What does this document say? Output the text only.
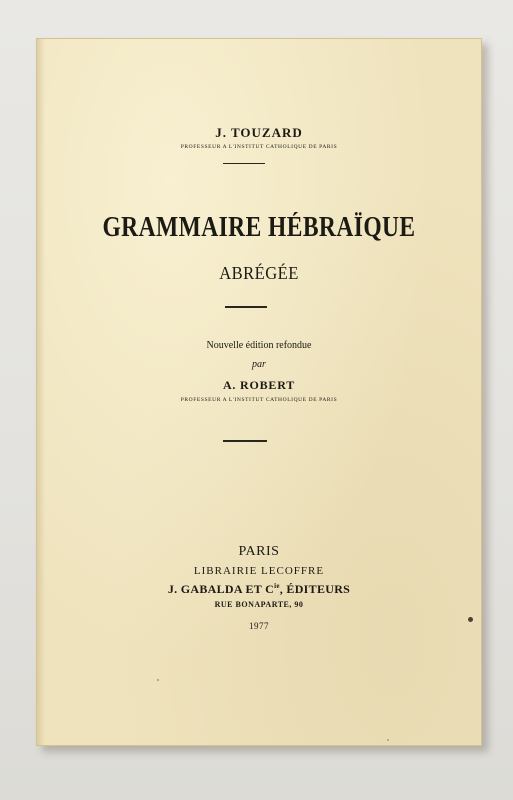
J. TOUZARD
PROFESSEUR A L'INSTITUT CATHOLIQUE DE PARIS
GRAMMAIRE HÉBRAÏQUE
ABRÉGÉE
Nouvelle édition refondue
par
A. ROBERT
PROFESSEUR A L'INSTITUT CATHOLIQUE DE PARIS
PARIS
LIBRAIRIE LECOFFRE
J. GABALDA ET $C^{ie}$, ÉDITEURS
RUE BONAPARTE, 90
1977
